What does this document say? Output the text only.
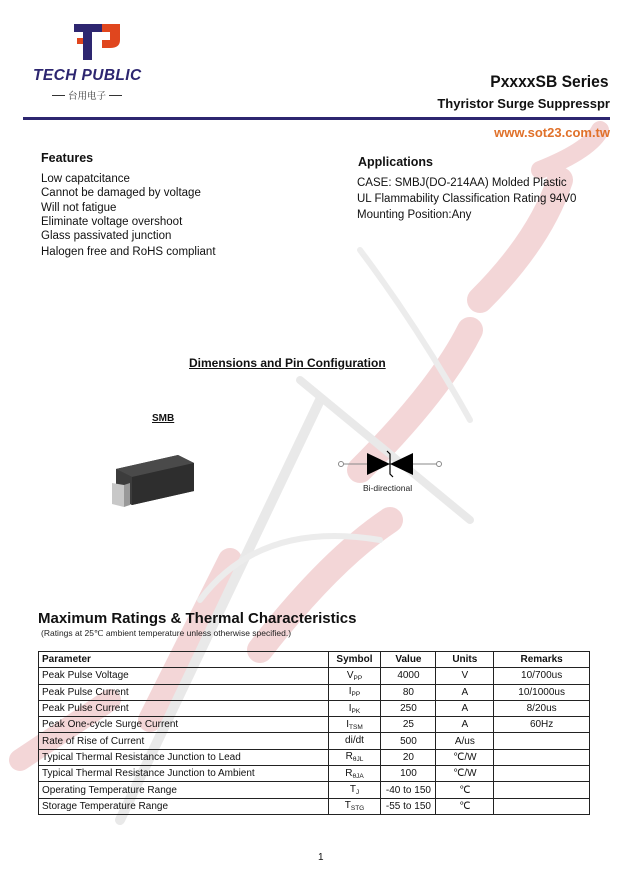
TECH PUBLIC
台用电子
PxxxxSB Series
Thyristor Surge Suppresspr
www.sot23.com.tw
Features
Low capatcitance
Cannot be damaged by voltage
Will not fatigue
Eliminate voltage overshoot
Glass passivated junction
Halogen free and RoHS compliant
Applications
CASE: SMBJ(DO-214AA) Molded Plastic
UL Flammability Classification Rating 94V0
Mounting Position:Any
Dimensions and Pin Configuration
SMB
Bi-directional
Maximum Ratings & Thermal Characteristics
(Ratings at 25℃ ambient temperature unless otherwise specified.)
Parameter	Symbol	Value	Units	Remarks
Peak Pulse Voltage	$V_{PP}$	4000	V	10/700us
Peak Pulse Current	$I_{PP}$	80	A	10/1000us
Peak Pulse Current	$I_{PK}$	250	A	8/20us
Peak One-cycle Surge Current	$I_{TSM}$	25	A	60Hz
Rate of Rise of Current	di/dt	500	A/us	
Typical Thermal Resistance Junction to Lead	$R_{\theta JL}$	20	℃/W	
Typical Thermal Resistance Junction to Ambient	$R_{\theta JA}$	100	℃/W	
Operating Temperature Range	$T_J$	-40 to 150	℃	
Storage Temperature Range	$T_{STG}$	-55 to 150	℃	
1
